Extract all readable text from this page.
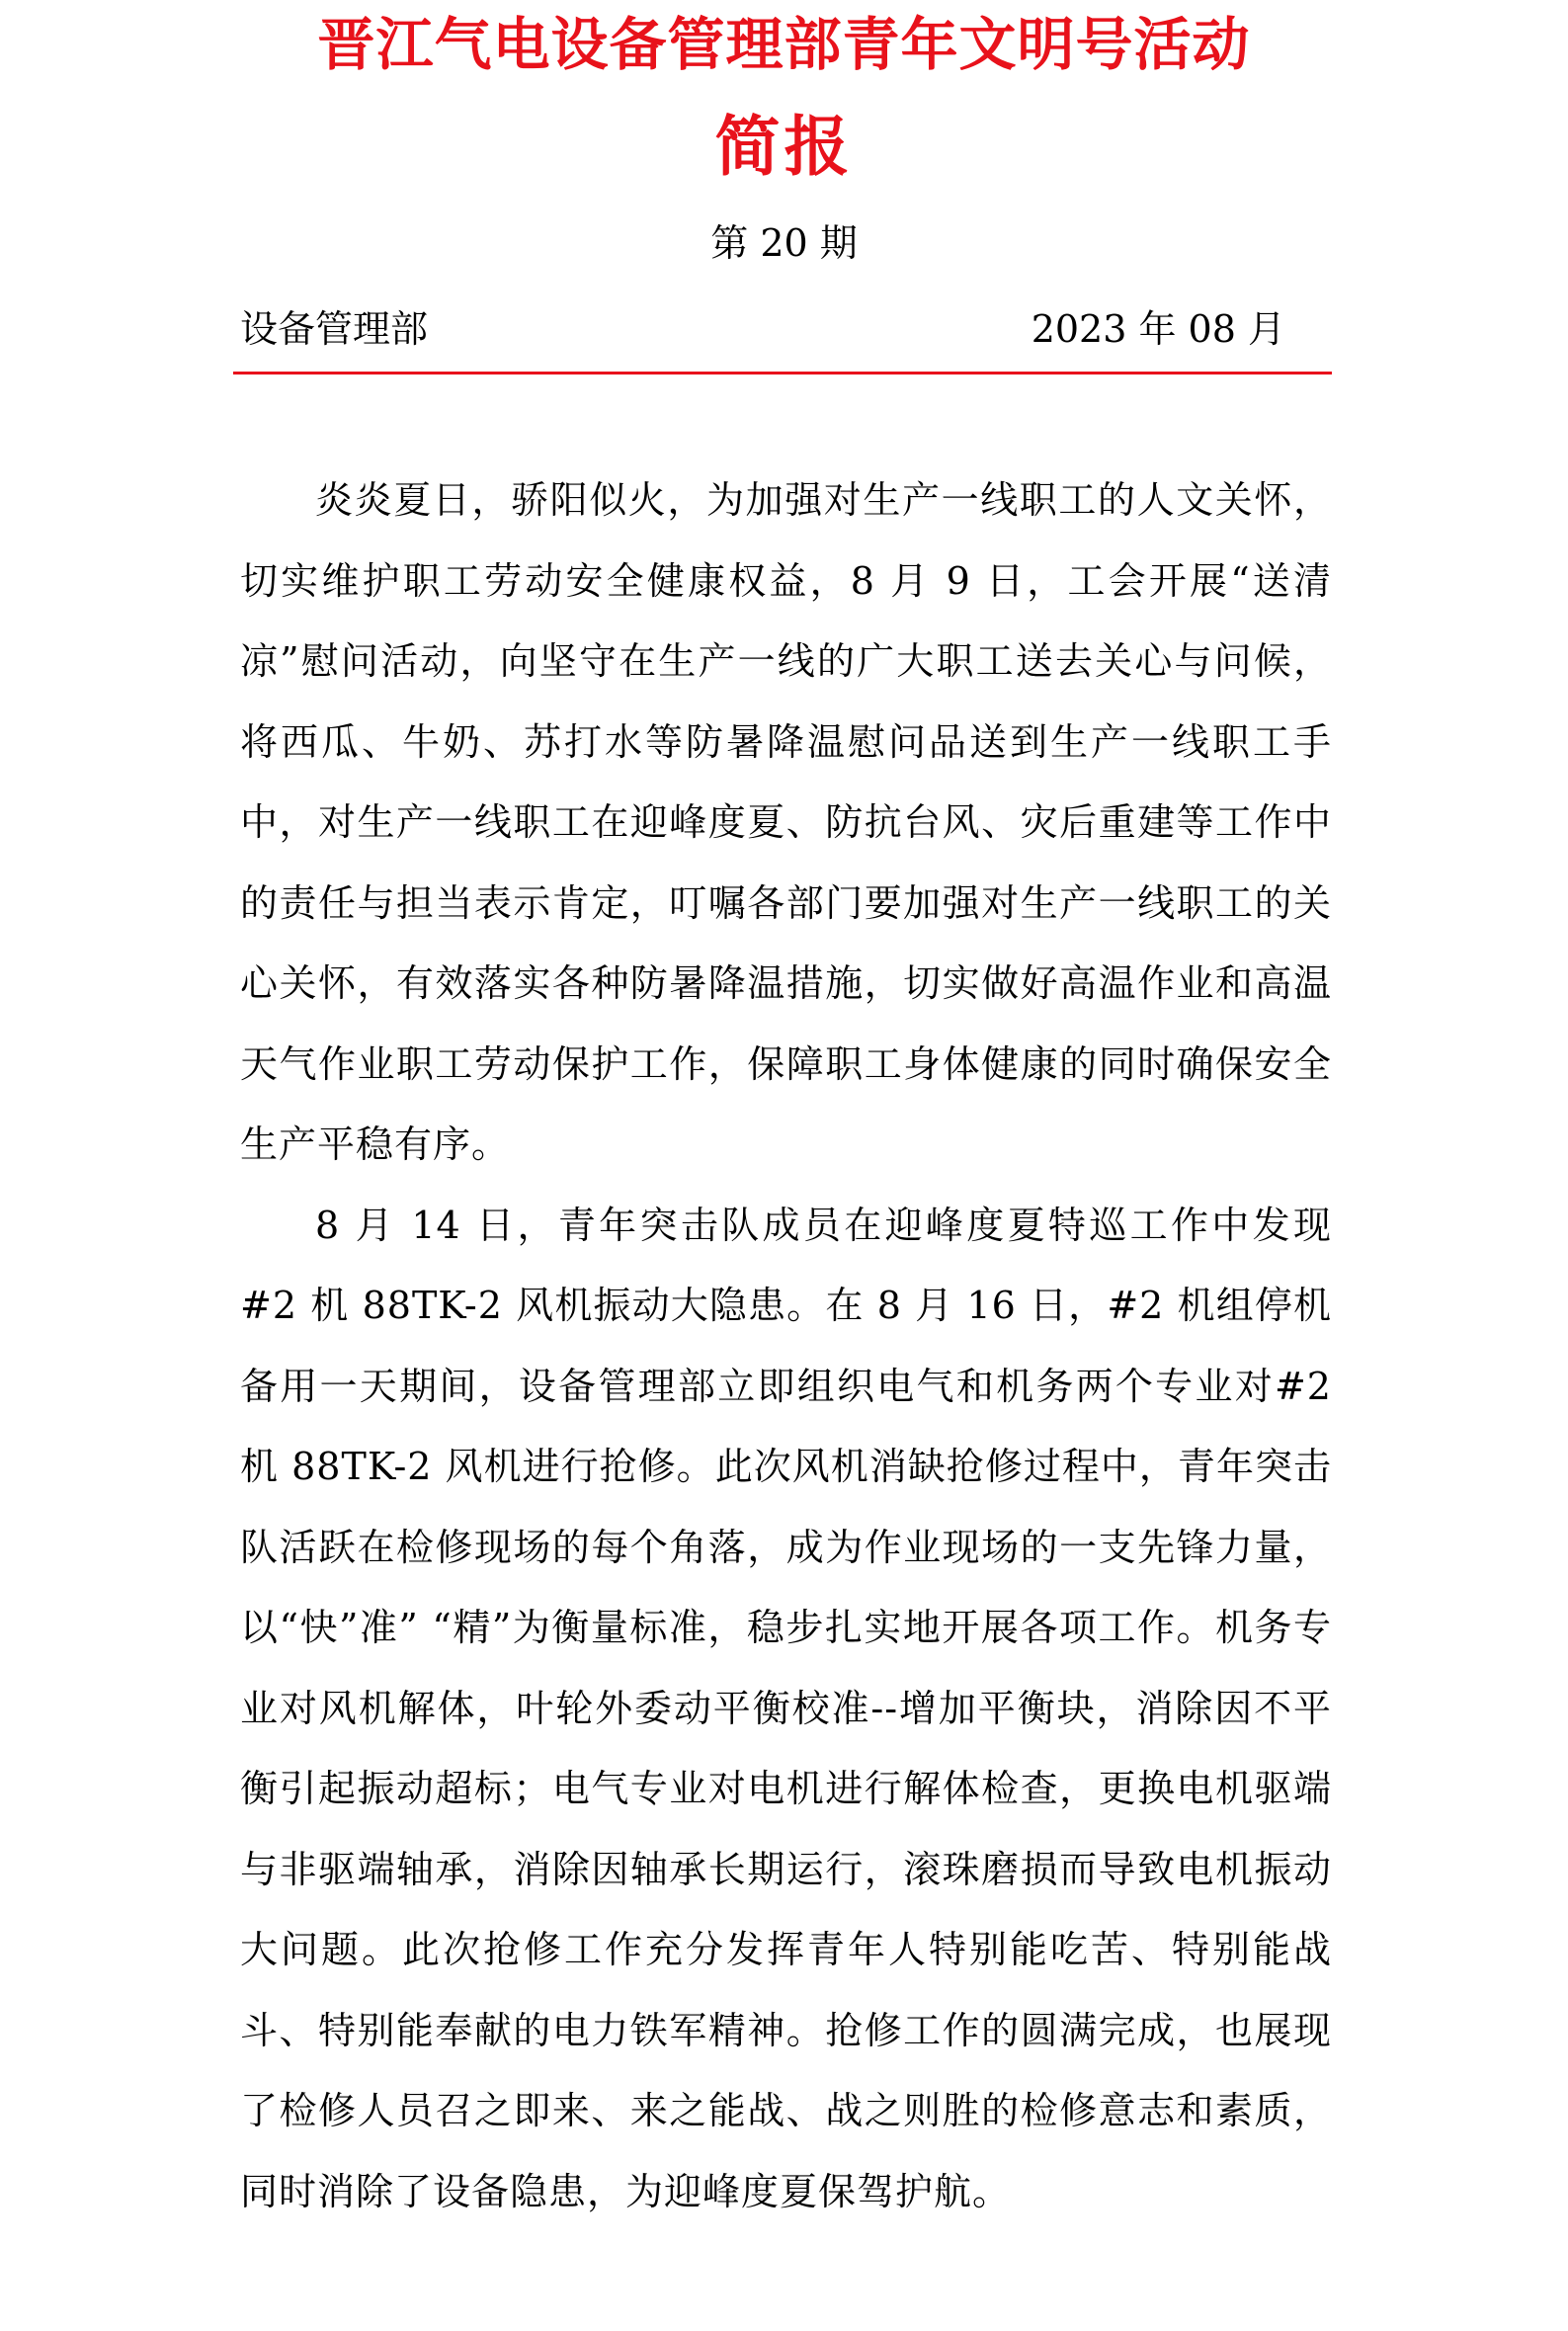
晋江气电设备管理部青年文明号活动
简报
第 20 期
设备管理部	2023 年 08 月

炎炎夏日，骄阳似火，为加强对生产一线职工的人文关怀，切实维护职工劳动安全健康权益，8 月 9 日，工会开展“送清凉”慰问活动，向坚守在生产一线的广大职工送去关心与问候，将西瓜、牛奶、苏打水等防暑降温慰问品送到生产一线职工手中，对生产一线职工在迎峰度夏、防抗台风、灾后重建等工作中的责任与担当表示肯定，叮嘱各部门要加强对生产一线职工的关心关怀，有效落实各种防暑降温措施，切实做好高温作业和高温天气作业职工劳动保护工作，保障职工身体健康的同时确保安全生产平稳有序。

8 月 14 日，青年突击队成员在迎峰度夏特巡工作中发现#2 机 88TK-2 风机振动大隐患。在 8 月 16 日，#2 机组停机备用一天期间，设备管理部立即组织电气和机务两个专业对#2 机 88TK-2 风机进行抢修。此次风机消缺抢修过程中，青年突击队活跃在检修现场的每个角落，成为作业现场的一支先锋力量，以“快”准” “精”为衡量标准，稳步扎实地开展各项工作。机务专业对风机解体，叶轮外委动平衡校准--增加平衡块，消除因不平衡引起振动超标；电气专业对电机进行解体检查，更换电机驱端与非驱端轴承，消除因轴承长期运行，滚珠磨损而导致电机振动大问题。此次抢修工作充分发挥青年人特别能吃苦、特别能战斗、特别能奉献的电力铁军精神。抢修工作的圆满完成，也展现了检修人员召之即来、来之能战、战之则胜的检修意志和素质，同时消除了设备隐患，为迎峰度夏保驾护航。
